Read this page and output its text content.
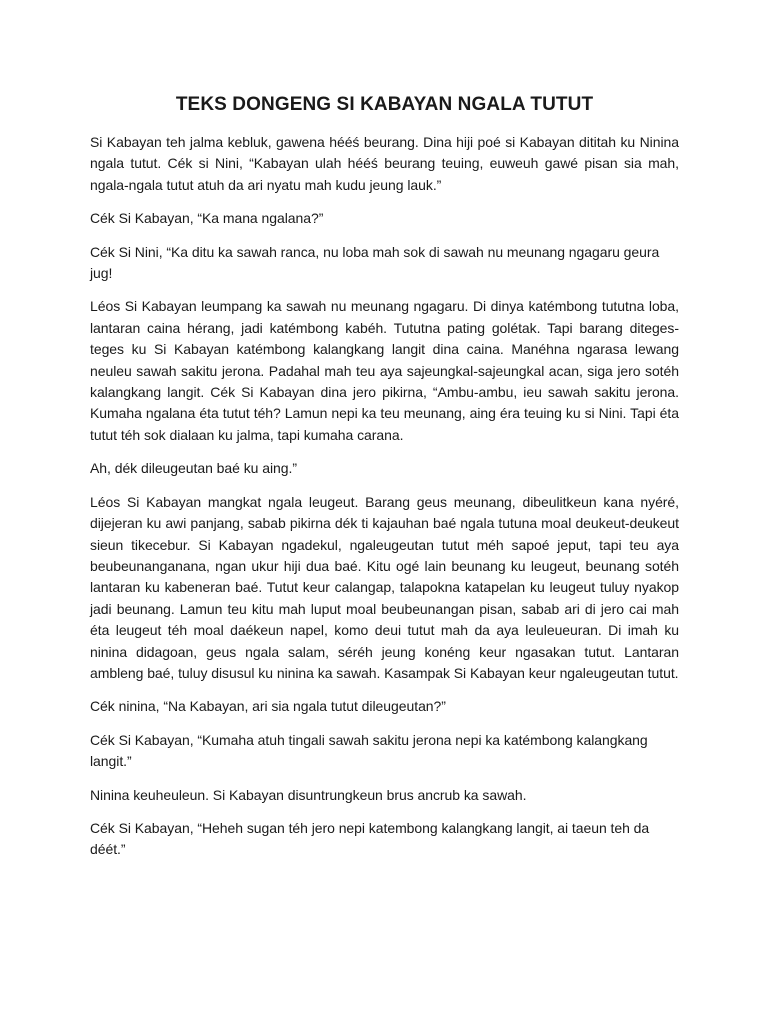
TEKS DONGENG SI KABAYAN NGALA TUTUT

Si Kabayan teh jalma kebluk, gawena hééś beurang. Dina hiji poé si Kabayan dititah ku Ninina ngala tutut. Cék si Nini, “Kabayan ulah hééś beurang teuing, euweuh gawé pisan sia mah, ngala-ngala tutut atuh da ari nyatu mah kudu jeung lauk.”

Cék Si Kabayan, “Ka mana ngalana?”

Cék Si Nini, “Ka ditu ka sawah ranca, nu loba mah sok di sawah nu meunang ngagaru geura jug!

Léos Si Kabayan leumpang ka sawah nu meunang ngagaru. Di dinya katémbong tututna loba, lantaran caina hérang, jadi katémbong kabéh. Tututna pating golétak. Tapi barang diteges-teges ku Si Kabayan katémbong kalangkang langit dina caina. Manéhna ngarasa lewang neuleu sawah sakitu jerona. Padahal mah teu aya sajeungkal-sajeungkal acan, siga jero sotéh kalangkang langit. Cék Si Kabayan dina jero pikirna, “Ambu-ambu, ieu sawah sakitu jerona. Kumaha ngalana éta tutut téh? Lamun nepi ka teu meunang, aing éra teuing ku si Nini. Tapi éta tutut téh sok dialaan ku jalma, tapi kumaha carana.

Ah, dék dileugeutan baé ku aing.”

Léos Si Kabayan mangkat ngala leugeut. Barang geus meunang, dibeulitkeun kana nyéré, dijejeran ku awi panjang, sabab pikirna dék ti kajauhan baé ngala tutuna moal deukeut-deukeut sieun tikecebur. Si Kabayan ngadekul, ngaleugeutan tutut méh sapoé jeput, tapi teu aya beubeunanganana, ngan ukur hiji dua baé. Kitu ogé lain beunang ku leugeut, beunang sotéh lantaran ku kabeneran baé. Tutut keur calangap, talapokna katapelan ku leugeut tuluy nyakop jadi beunang. Lamun teu kitu mah luput moal beubeunangan pisan, sabab ari di jero cai mah éta leugeut téh moal daékeun napel, komo deui tutut mah da aya leuleueuran. Di imah ku ninina didagoan, geus ngala salam, séréh jeung konéng keur ngasakan tutut. Lantaran ambleng baé, tuluy disusul ku ninina ka sawah. Kasampak Si Kabayan keur ngaleugeutan tutut.

Cék ninina, “Na Kabayan, ari sia ngala tutut dileugeutan?”

Cék Si Kabayan, “Kumaha atuh tingali sawah sakitu jerona nepi ka katémbong kalangkang langit.”

Ninina keuheuleun. Si Kabayan disuntrungkeun brus ancrub ka sawah.

Cék Si Kabayan, “Heheh sugan téh jero nepi katembong kalangkang langit, ai taeun teh da déét.”
